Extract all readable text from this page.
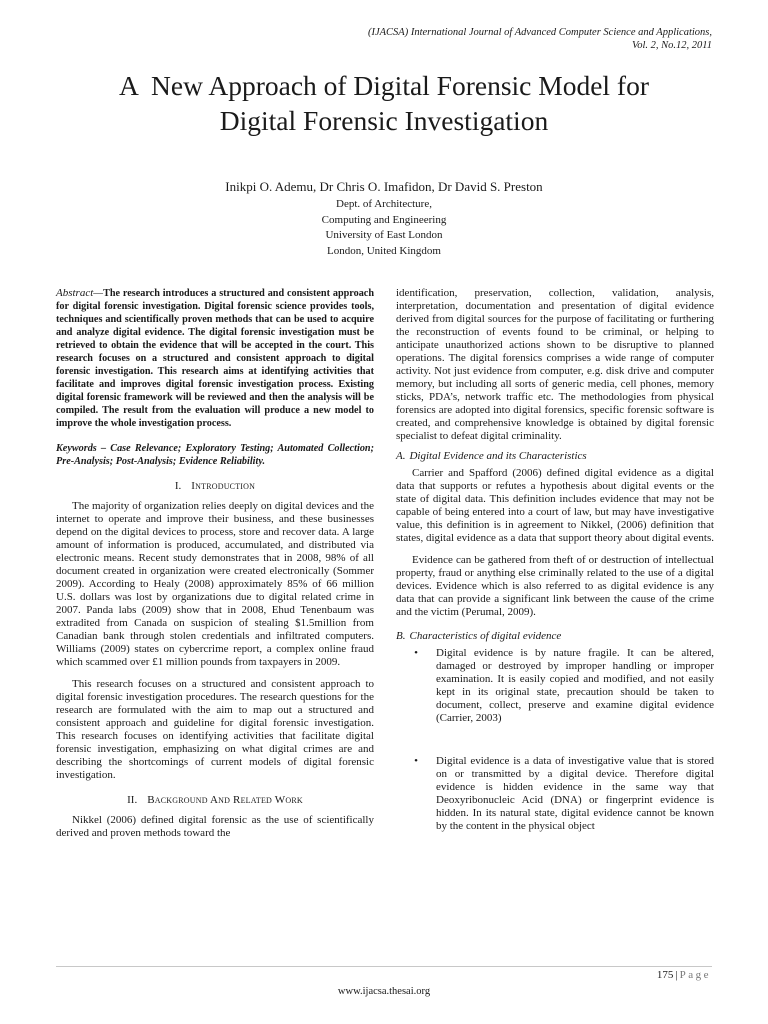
(IJACSA) International Journal of Advanced Computer Science and Applications,
Vol. 2, No.12, 2011
A  New Approach of Digital Forensic Model for
Digital Forensic Investigation
Inikpi O. Ademu, Dr Chris O. Imafidon, Dr David S. Preston
Dept. of Architecture,
Computing and Engineering
University of East London
London, United Kingdom

Abstract—The research introduces a structured and consistent approach for digital forensic investigation. Digital forensic science provides tools, techniques and scientifically proven methods that can be used to acquire and analyze digital evidence. The digital forensic investigation must be retrieved to obtain the evidence that will be accepted in the court. This research focuses on a structured and consistent approach to digital forensic investigation. This research aims at identifying activities that facilitate and improves digital forensic investigation process. Existing digital forensic framework will be reviewed and then the analysis will be compiled. The result from the evaluation will produce a new model to improve the whole investigation process.

Keywords – Case Relevance; Exploratory Testing; Automated Collection; Pre-Analysis; Post-Analysis; Evidence Reliability.

I. Introduction

The majority of organization relies deeply on digital devices and the internet to operate and improve their business, and these businesses depend on the digital devices to process, store and recover data. A large amount of information is produced, accumulated, and distributed via electronic means. Recent study demonstrates that in 2008, 98% of all document created in organization were created electronically (Sommer 2009). According to Healy (2008) approximately 85% of 66 million U.S. dollars was lost by organizations due to digital related crime in 2007. Panda labs (2009) show that in 2008, Ehud Tenenbaum was extradited from Canada on suspicion of stealing $1.5million from Canadian bank through stolen credentials and infiltrated computers. Williams (2009) states on cybercrime report, a complex online fraud which scammed over £1 million pounds from taxpayers in 2009.

This research focuses on a structured and consistent approach to digital forensic investigation procedures. The research questions for the research are formulated with the aim to map out a structured and consistent approach and guideline for digital forensic investigation. This research focuses on identifying activities that facilitate digital forensic investigation, emphasizing on what digital crimes are and describing the shortcomings of current models of digital forensic investigation.

II. Background And Related Work

Nikkel (2006) defined digital forensic as the use of scientifically derived and proven methods toward the

identification, preservation, collection, validation, analysis, interpretation, documentation and presentation of digital evidence derived from digital sources for the purpose of facilitating or furthering the reconstruction of events found to be criminal, or helping to anticipate unauthorized actions shown to be disruptive to planned operations. The digital forensics comprises a wide range of computer activity. Not just evidence from computer, e.g. disk drive and computer memory, but including all sorts of generic media, cell phones, memory sticks, PDA’s, network traffic etc. The methodologies from physical forensics are adopted into digital forensics, specific forensic software is created, and comprehensive knowledge is obtained by digital forensic specialist to defeat digital criminality.

A. Digital Evidence and its Characteristics

Carrier and Spafford (2006) defined digital evidence as a digital data that supports or refutes a hypothesis about digital events or the state of digital data. This definition includes evidence that may not be capable of being entered into a court of law, but may have investigative value, this definition is in agreement to Nikkel, (2006) definition that states, digital evidence as a data that support theory about digital events.

Evidence can be gathered from theft of or destruction of intellectual property, fraud or anything else criminally related to the use of a digital devices. Evidence which is also referred to as digital evidence is any data that can provide a significant link between the cause of the crime and the victim (Perumal, 2009).

B. Characteristics of digital evidence
•	Digital evidence is by nature fragile. It can be altered, damaged or destroyed by improper handling or improper examination. It is easily copied and modified, and not easily kept in its original state, precaution should be taken to document, collect, preserve and examine digital evidence (Carrier, 2003)
•	Digital evidence is a data of investigative value that is stored on or transmitted by a digital device. Therefore digital evidence is hidden evidence in the same way that Deoxyribonucleic Acid (DNA) or fingerprint evidence is hidden. In its natural state, digital evidence cannot be known by the content in the physical object
175 | Page
www.ijacsa.thesai.org
